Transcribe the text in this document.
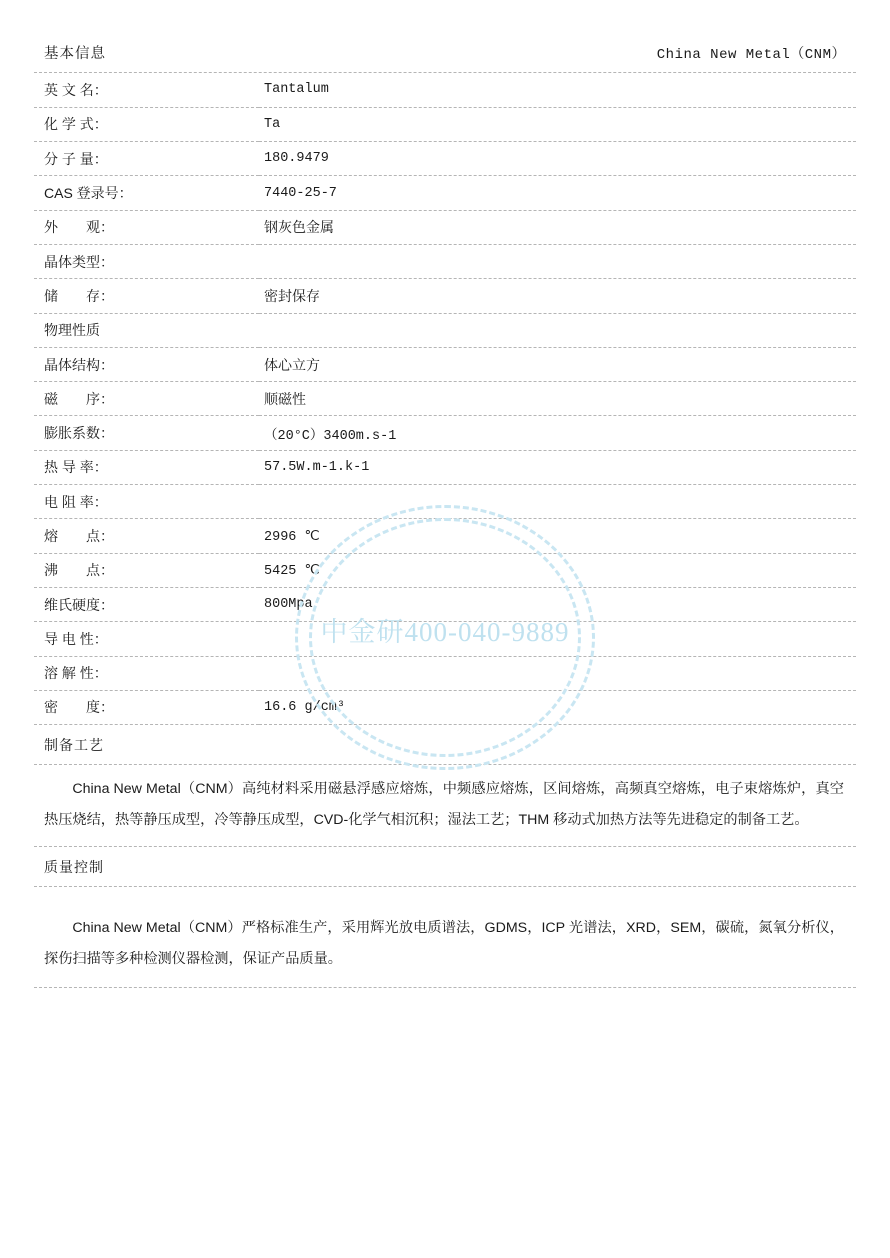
中金研400-040-9889
基本信息	China New Metal（CNM）
英 文 名：	Tantalum
化 学 式：	Ta
分 子 量：	180.9479
CAS 登录号：	7440-25-7
外　　观：	钢灰色金属
晶体类型：	
储　　存：	密封保存
物理性质	
晶体结构：	体心立方
磁　　序：	顺磁性
膨胀系数：	（20°C）3400m.s-1
热 导 率：	57.5W.m-1.k-1
电 阻 率：	
熔　　点：	2996 ℃
沸　　点：	5425 ℃
维氏硬度：	800Mpa
导 电 性：	
溶 解 性：	
密　　度：	16.6 g/cm³
制备工艺
China New Metal（CNM）高纯材料采用磁悬浮感应熔炼，中频感应熔炼，区间熔炼，高频真空熔炼，电子束熔炼炉，真空热压烧结，热等静压成型，冷等静压成型，CVD-化学气相沉积；湿法工艺；THM 移动式加热方法等先进稳定的制备工艺。
质量控制
China New Metal（CNM）严格标准生产，采用辉光放电质谱法，GDMS，ICP 光谱法，XRD，SEM，碳硫，氮氧分析仪，探伤扫描等多种检测仪器检测，保证产品质量。
